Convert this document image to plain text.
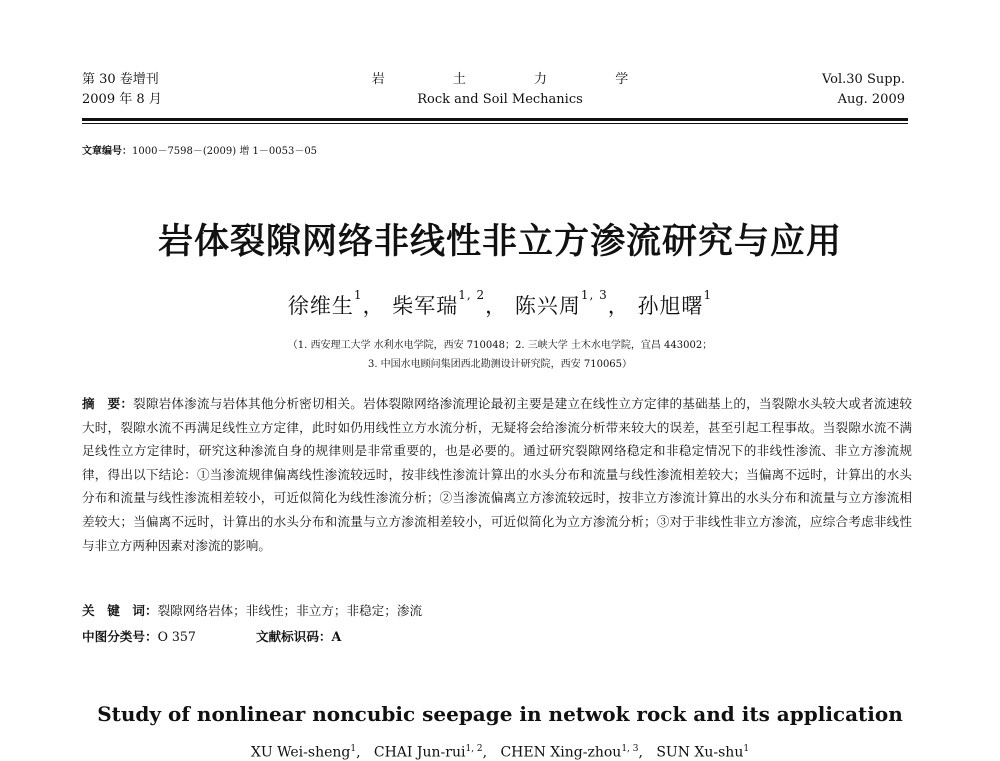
第 30 卷增刊
2009 年 8 月
岩 土 力 学
Rock and Soil Mechanics
Vol.30 Supp.
Aug. 2009
文章编号：1000－7598－(2009) 增 1－0053－05
岩体裂隙网络非线性非立方渗流研究与应用
徐维生$^1$， 柴军瑞$^{1, 2}$， 陈兴周$^{1, 3}$， 孙旭曙$^1$
（1. 西安理工大学 水利水电学院，西安 710048；2. 三峡大学 土木水电学院，宜昌 443002；
3. 中国水电顾问集团西北勘测设计研究院，西安 710065）
摘　要：裂隙岩体渗流与岩体其他分析密切相关。岩体裂隙网络渗流理论最初主要是建立在线性立方定律的基础基上的，当裂隙水头较大或者流速较大时，裂隙水流不再满足线性立方定律，此时如仍用线性立方水流分析，无疑将会给渗流分析带来较大的误差，甚至引起工程事故。当裂隙水流不满足线性立方定律时，研究这种渗流自身的规律则是非常重要的，也是必要的。通过研究裂隙网络稳定和非稳定情况下的非线性渗流、非立方渗流规律，得出以下结论：①当渗流规律偏离线性渗流较远时，按非线性渗流计算出的水头分布和流量与线性渗流相差较大；当偏离不远时，计算出的水头分布和流量与线性渗流相差较小，可近似简化为线性渗流分析；②当渗流偏离立方渗流较远时，按非立方渗流计算出的水头分布和流量与立方渗流相差较大；当偏离不远时，计算出的水头分布和流量与立方渗流相差较小，可近似简化为立方渗流分析；③对于非线性非立方渗流，应综合考虑非线性与非立方两种因素对渗流的影响。
关　键　词：裂隙网络岩体；非线性；非立方；非稳定；渗流
中图分类号：O 357	文献标识码：A
Study of nonlinear noncubic seepage in netwok rock and its application
XU Wei-sheng$^1$,   CHAI Jun-rui$^{1, 2}$,   CHEN Xing-zhou$^{1, 3}$,   SUN Xu-shu$^1$
